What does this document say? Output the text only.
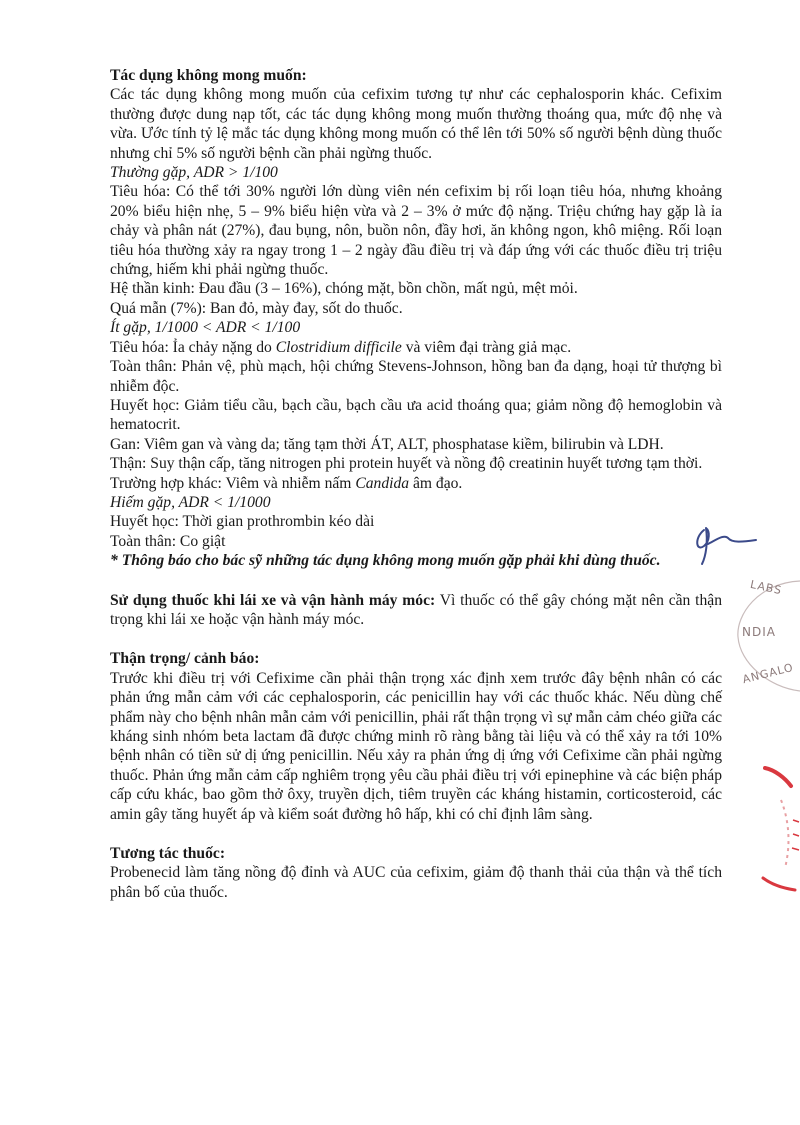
Tác dụng không mong muốn:

Các tác dụng không mong muốn của cefixim tương tự như các cephalosporin khác. Cefixim thường được dung nạp tốt, các tác dụng không mong muốn thường thoáng qua, mức độ nhẹ và vừa. Ước tính tỷ lệ mắc tác dụng không mong muốn có thể lên tới 50% số người bệnh dùng thuốc nhưng chỉ 5% số người bệnh cần phải ngừng thuốc.

Thường gặp, ADR > 1/100

Tiêu hóa: Có thể tới 30% người lớn dùng viên nén cefixim bị rối loạn tiêu hóa, nhưng khoảng 20% biểu hiện nhẹ, 5 – 9% biểu hiện vừa và 2 – 3% ở mức độ nặng. Triệu chứng hay gặp là ỉa chảy và phân nát (27%), đau bụng, nôn, buồn nôn, đầy hơi, ăn không ngon, khô miệng. Rối loạn tiêu hóa thường xảy ra ngay trong 1 – 2 ngày đầu điều trị và đáp ứng với các thuốc điều trị triệu chứng, hiếm khi phải ngừng thuốc.

Hệ thần kinh: Đau đầu (3 – 16%), chóng mặt, bồn chồn, mất ngủ, mệt mỏi.

Quá mẫn (7%): Ban đỏ, mày đay, sốt do thuốc.

Ít gặp, 1/1000 < ADR < 1/100

Tiêu hóa: Ỉa chảy nặng do Clostridium difficile và viêm đại tràng giả mạc.

Toàn thân: Phản vệ, phù mạch, hội chứng Stevens-Johnson, hồng ban đa dạng, hoại tử thượng bì nhiễm độc.

Huyết học: Giảm tiểu cầu, bạch cầu, bạch cầu ưa acid thoáng qua; giảm nồng độ hemoglobin và hematocrit.

Gan: Viêm gan và vàng da; tăng tạm thời ÁT, ALT, phosphatase kiềm, bilirubin và LDH.

Thận: Suy thận cấp, tăng nitrogen phi protein huyết và nồng độ creatinin huyết tương tạm thời.

Trường hợp khác: Viêm và nhiễm nấm Candida âm đạo.

Hiếm gặp, ADR < 1/1000

Huyết học: Thời gian prothrombin kéo dài

Toàn thân: Co giật

* Thông báo cho bác sỹ những tác dụng không mong muốn gặp phải khi dùng thuốc.

Sử dụng thuốc khi lái xe và vận hành máy móc: Vì thuốc có thể gây chóng mặt nên cần thận trọng khi lái xe hoặc vận hành máy móc.

Thận trọng/ cảnh báo:

Trước khi điều trị với Cefixime cần phải thận trọng xác định xem trước đây bệnh nhân có các phản ứng mẫn cảm với các cephalosporin, các penicillin hay với các thuốc khác. Nếu dùng chế phẩm này cho bệnh nhân mẫn cảm với penicillin, phải rất thận trọng vì sự mẫn cảm chéo giữa các kháng sinh nhóm beta lactam đã được chứng minh rõ ràng bằng tài liệu và có thể xảy ra tới 10% bệnh nhân có tiền sử dị ứng penicillin. Nếu xảy ra phản ứng dị ứng với Cefixime cần phải ngừng thuốc. Phản ứng mẫn cảm cấp nghiêm trọng yêu cầu phải điều trị với epinephine và các biện pháp cấp cứu khác, bao gồm thở ôxy, truyền dịch, tiêm truyền các kháng histamin, corticosteroid, các amin gây tăng huyết áp và kiểm soát đường hô hấp, khi có chỉ định lâm sàng.

Tương tác thuốc:

Probenecid làm tăng nồng độ đỉnh và AUC của cefixim, giảm độ thanh thải của thận và thể tích phân bố của thuốc.

LABS
NDIA
ANGALO
